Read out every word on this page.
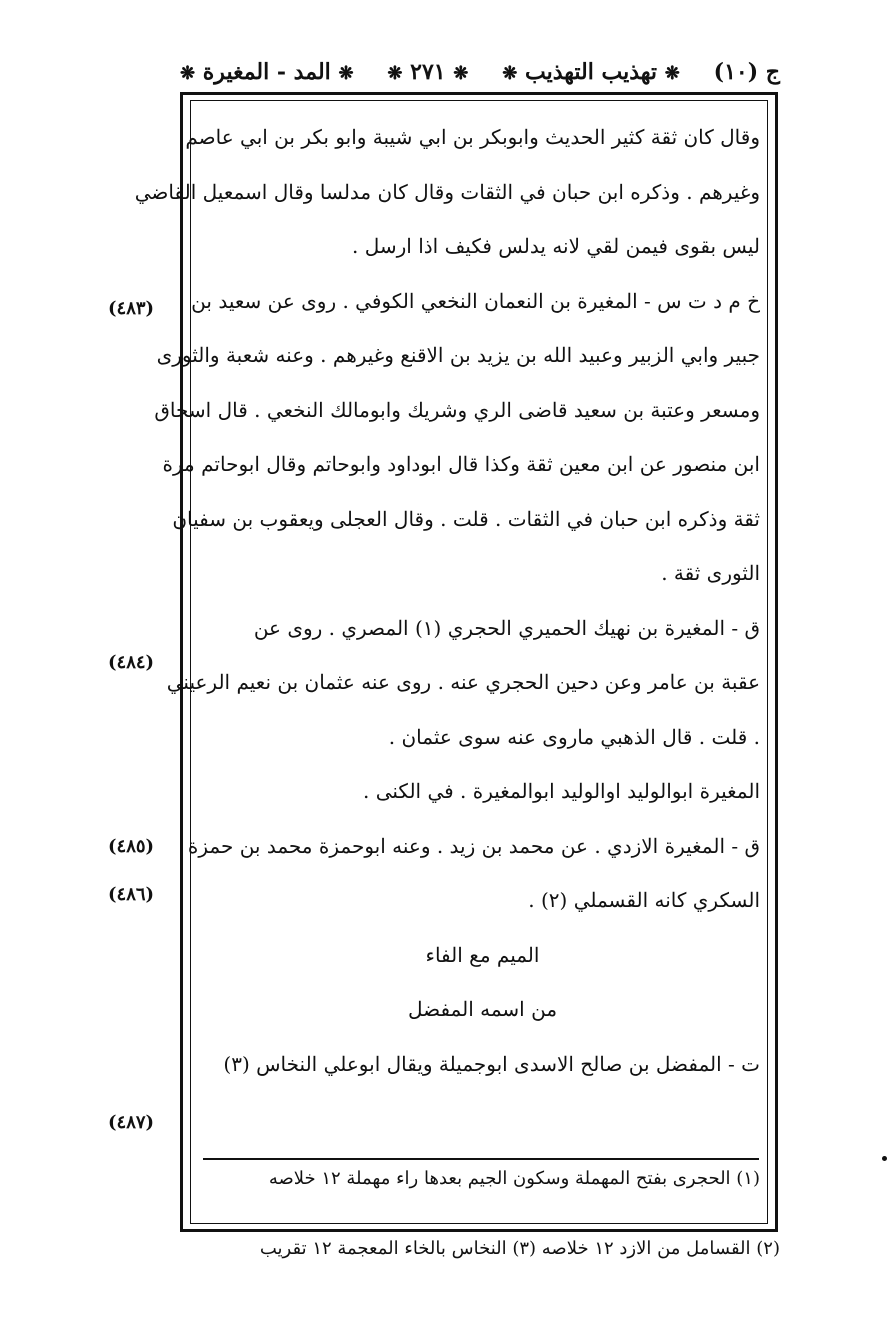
ج (١٠)
❋ تهذيب التهذيب ❋
❋ ٢٧١ ❋
❋ المد - المغيرة ❋
وقال كان ثقة كثير الحديث وابوبكر بن ابي شيبة وابو بكر بن ابي عاصم
وغيرهم . وذكره ابن حبان في الثقات وقال كان مدلسا وقال اسمعيل القاضي
ليس بقوى فيمن لقي لانه يدلس فكيف اذا ارسل .
خ م د ت س - المغيرة بن النعمان النخعي الكوفي . روى عن سعيد بن
جبير وابي الزبير وعبيد الله بن يزيد بن الاقنع وغيرهم . وعنه شعبة والثورى
ومسعر وعتبة بن سعيد قاضى الري وشريك وابومالك النخعي . قال اسحاق
ابن منصور عن ابن معين ثقة وكذا قال ابوداود وابوحاتم وقال ابوحاتم مرة
ثقة وذكره ابن حبان في الثقات . قلت . وقال العجلى ويعقوب بن سفيان
الثورى ثقة .
ق - المغيرة بن نهيك الحميري الحجري (١) المصري . روى عن
عقبة بن عامر وعن دحين الحجري عنه . روى عنه عثمان بن نعيم الرعيني
. قلت . قال الذهبي ماروى عنه سوى عثمان .
المغيرة ابوالوليد اوالوليد ابوالمغيرة . في الكنى .
ق - المغيرة الازدي . عن محمد بن زيد . وعنه ابوحمزة محمد بن حمزة
السكري كانه القسملي (٢) .
الميم مع الفاء
من اسمه المفضل
ت - المفضل بن صالح الاسدى ابوجميلة ويقال ابوعلي النخاس (٣)
(٤٨٣)
(٤٨٤)
(٤٨٥)
(٤٨٦)
(٤٨٧)
(١) الحجرى بفتح المهملة وسكون الجيم بعدها راء مهملة ١٢ خلاصه
(٢) القسامل من الازد ١٢ خلاصه (٣) النخاس بالخاء المعجمة ١٢ تقريب
